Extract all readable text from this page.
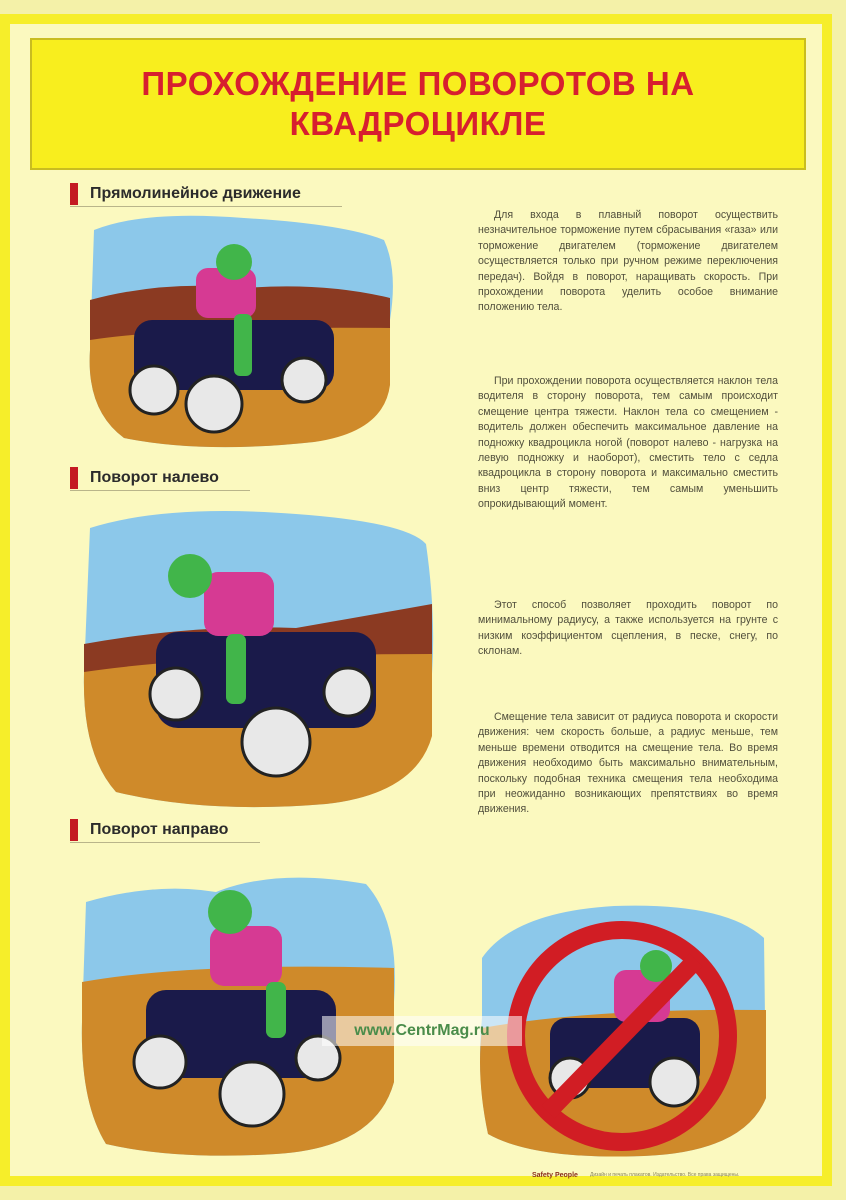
ПРОХОЖДЕНИЕ ПОВОРОТОВ НА
КВАДРОЦИКЛЕ
Прямолинейное движение
Поворот налево
Поворот направо
Для входа в плавный поворот осуществить незначительное торможение путем сбрасывания «газа» или торможение двигателем (торможение двигателем осуществляется только при ручном режиме переключения передач). Войдя в поворот, наращивать скорость. При прохождении поворота уделить особое внимание положению тела.
При прохождении поворота осуществляется наклон тела водителя в сторону поворота, тем самым происходит смещение центра тяжести. Наклон тела со смещением - водитель должен обеспечить максимальное давление на подножку квадроцикла ногой (поворот налево - нагрузка на левую подножку и наоборот), сместить тело с седла квадроцикла в сторону поворота и максимально сместить вниз центр тяжести, тем самым уменьшить опрокидывающий момент.
Этот способ позволяет проходить поворот по минимальному радиусу, а также используется на грунте с низким коэффициентом сцепления, в песке, снегу, по склонам.
Смещение тела зависит от радиуса поворота и скорости движения: чем скорость больше, а радиус меньше, тем меньше времени отводится на смещение тела. Во время движения необходимо быть максимально внимательным, поскольку подобная техника смещения тела необходима при неожиданно возникающих препятствиях во время движения.
www.CentrMag.ru
Safety People Дизайн и печать плакатов. Издательство. Все права защищены.
